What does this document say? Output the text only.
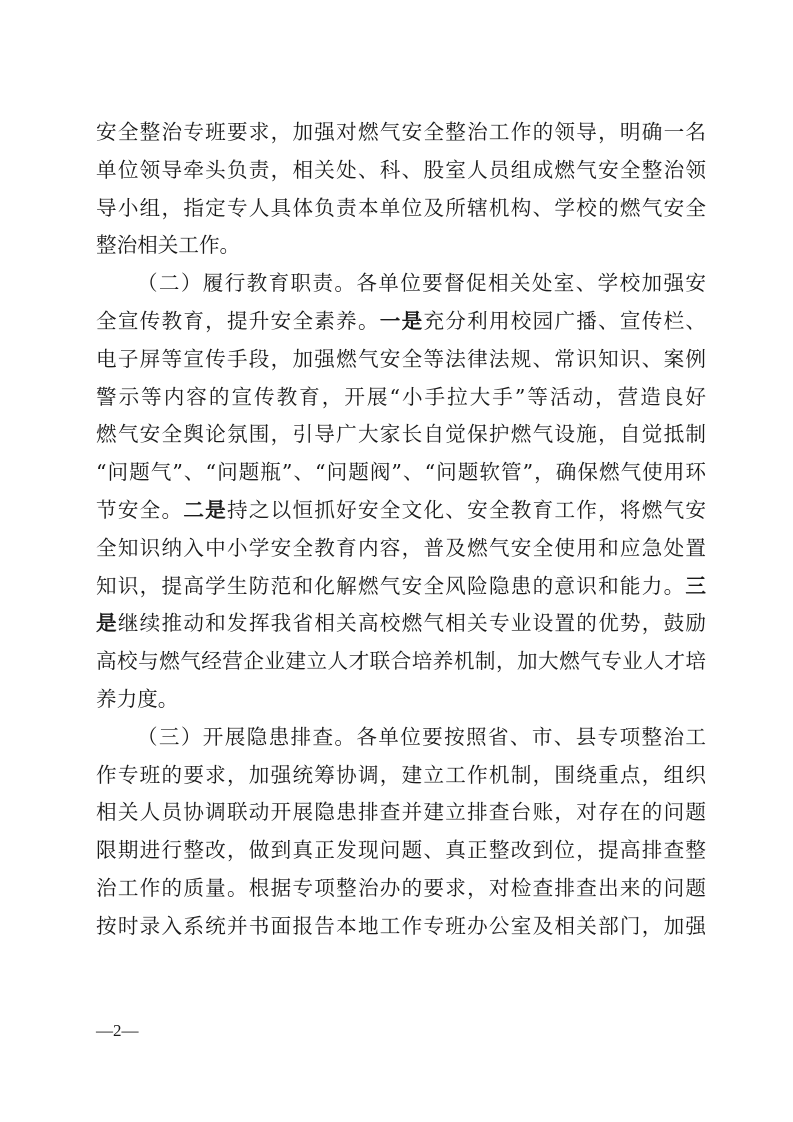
安全整治专班要求，加强对燃气安全整治工作的领导，明确一名
单位领导牵头负责，相关处、科、股室人员组成燃气安全整治领
导小组，指定专人具体负责本单位及所辖机构、学校的燃气安全
整治相关工作。
（二）履行教育职责。各单位要督促相关处室、学校加强安
全宣传教育，提升安全素养。一是充分利用校园广播、宣传栏、
电子屏等宣传手段，加强燃气安全等法律法规、常识知识、案例
警示等内容的宣传教育，开展“小手拉大手”等活动，营造良好
燃气安全舆论氛围，引导广大家长自觉保护燃气设施，自觉抵制
“问题气”、“问题瓶”、“问题阀”、“问题软管”，确保燃气使用环
节安全。二是持之以恒抓好安全文化、安全教育工作，将燃气安
全知识纳入中小学安全教育内容，普及燃气安全使用和应急处置
知识，提高学生防范和化解燃气安全风险隐患的意识和能力。三
是继续推动和发挥我省相关高校燃气相关专业设置的优势，鼓励
高校与燃气经营企业建立人才联合培养机制，加大燃气专业人才培
养力度。
（三）开展隐患排查。各单位要按照省、市、县专项整治工
作专班的要求，加强统筹协调，建立工作机制，围绕重点，组织
相关人员协调联动开展隐患排查并建立排查台账，对存在的问题
限期进行整改，做到真正发现问题、真正整改到位，提高排查整
治工作的质量。根据专项整治办的要求，对检查排查出来的问题
按时录入系统并书面报告本地工作专班办公室及相关部门，加强
—2—
